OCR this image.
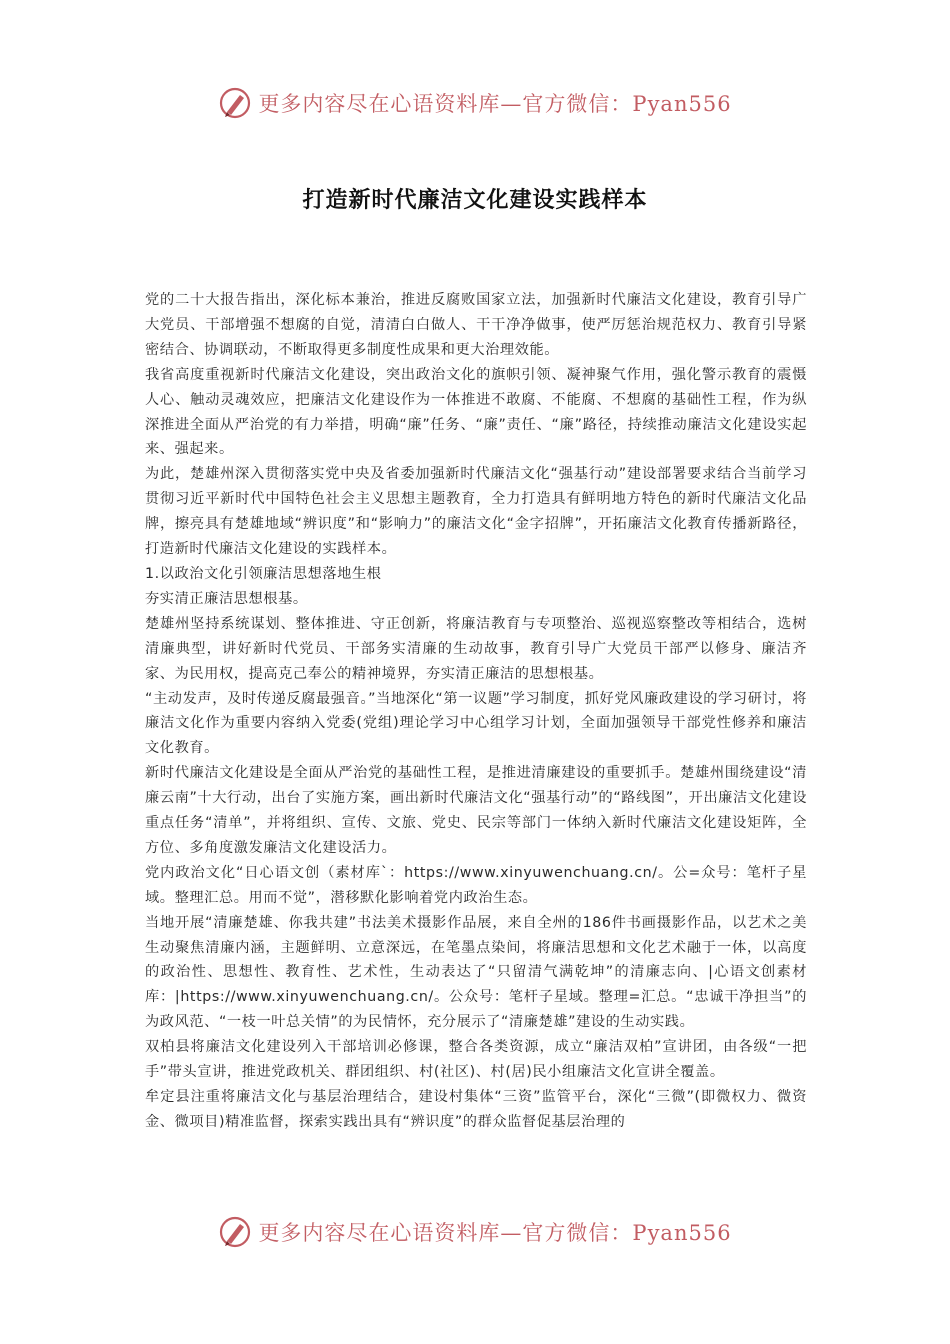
更多内容尽在心语资料库—官方微信：Pyan556
打造新时代廉洁文化建设实践样本

党的二十大报告指出，深化标本兼治，推进反腐败国家立法，加强新时代廉洁文化建设，教育引导广大党员、干部增强不想腐的自觉，清清白白做人、干干净净做事，使严厉惩治规范权力、教育引导紧密结合、协调联动，不断取得更多制度性成果和更大治理效能。

我省高度重视新时代廉洁文化建设，突出政治文化的旗帜引领、凝神聚气作用，强化警示教育的震慑人心、触动灵魂效应，把廉洁文化建设作为一体推进不敢腐、不能腐、不想腐的基础性工程，作为纵深推进全面从严治党的有力举措，明确“廉”任务、“廉”责任、“廉”路径，持续推动廉洁文化建设实起来、强起来。

为此，楚雄州深入贯彻落实党中央及省委加强新时代廉洁文化“强基行动”建设部署要求结合当前学习贯彻习近平新时代中国特色社会主义思想主题教育，全力打造具有鲜明地方特色的新时代廉洁文化品牌，擦亮具有楚雄地域“辨识度”和“影响力”的廉洁文化“金字招牌”，开拓廉洁文化教育传播新路径，打造新时代廉洁文化建设的实践样本。

1.以政治文化引领廉洁思想落地生根

夯实清正廉洁思想根基。

楚雄州坚持系统谋划、整体推进、守正创新，将廉洁教育与专项整治、巡视巡察整改等相结合，选树清廉典型，讲好新时代党员、干部务实清廉的生动故事，教育引导广大党员干部严以修身、廉洁齐家、为民用权，提高克己奉公的精神境界，夯实清正廉洁的思想根基。

“主动发声，及时传递反腐最强音。”当地深化“第一议题”学习制度，抓好党风廉政建设的学习研讨，将廉洁文化作为重要内容纳入党委(党组)理论学习中心组学习计划，全面加强领导干部党性修养和廉洁文化教育。

新时代廉洁文化建设是全面从严治党的基础性工程，是推进清廉建设的重要抓手。楚雄州围绕建设“清廉云南”十大行动，出台了实施方案，画出新时代廉洁文化“强基行动”的“路线图”，开出廉洁文化建设重点任务“清单”，并将组织、宣传、文旅、党史、民宗等部门一体纳入新时代廉洁文化建设矩阵，全方位、多角度激发廉洁文化建设活力。

党内政治文化“日心语文创（素材库`：https://www.xinyuwenchuang.cn/。公=众号：笔杆子星域。整理汇总。用而不觉”，潜移默化影响着党内政治生态。

当地开展“清廉楚雄、你我共建”书法美术摄影作品展，来自全州的186件书画摄影作品，以艺术之美生动聚焦清廉内涵，主题鲜明、立意深远，在笔墨点染间，将廉洁思想和文化艺术融于一体，以高度的政治性、思想性、教育性、艺术性，生动表达了“只留清气满乾坤”的清廉志向、|心语文创素材库：|https://www.xinyuwenchuang.cn/。公众号：笔杆子星域。整理=汇总。“忠诚干净担当”的为政风范、“一枝一叶总关情”的为民情怀，充分展示了“清廉楚雄”建设的生动实践。

双柏县将廉洁文化建设列入干部培训必修课，整合各类资源，成立“廉洁双柏”宣讲团，由各级“一把手”带头宣讲，推进党政机关、群团组织、村(社区)、村(居)民小组廉洁文化宣讲全覆盖。

牟定县注重将廉洁文化与基层治理结合，建设村集体“三资”监管平台，深化“三微”(即微权力、微资金、微项目)精准监督，探索实践出具有“辨识度”的群众监督促基层治理的

更多内容尽在心语资料库—官方微信：Pyan556
